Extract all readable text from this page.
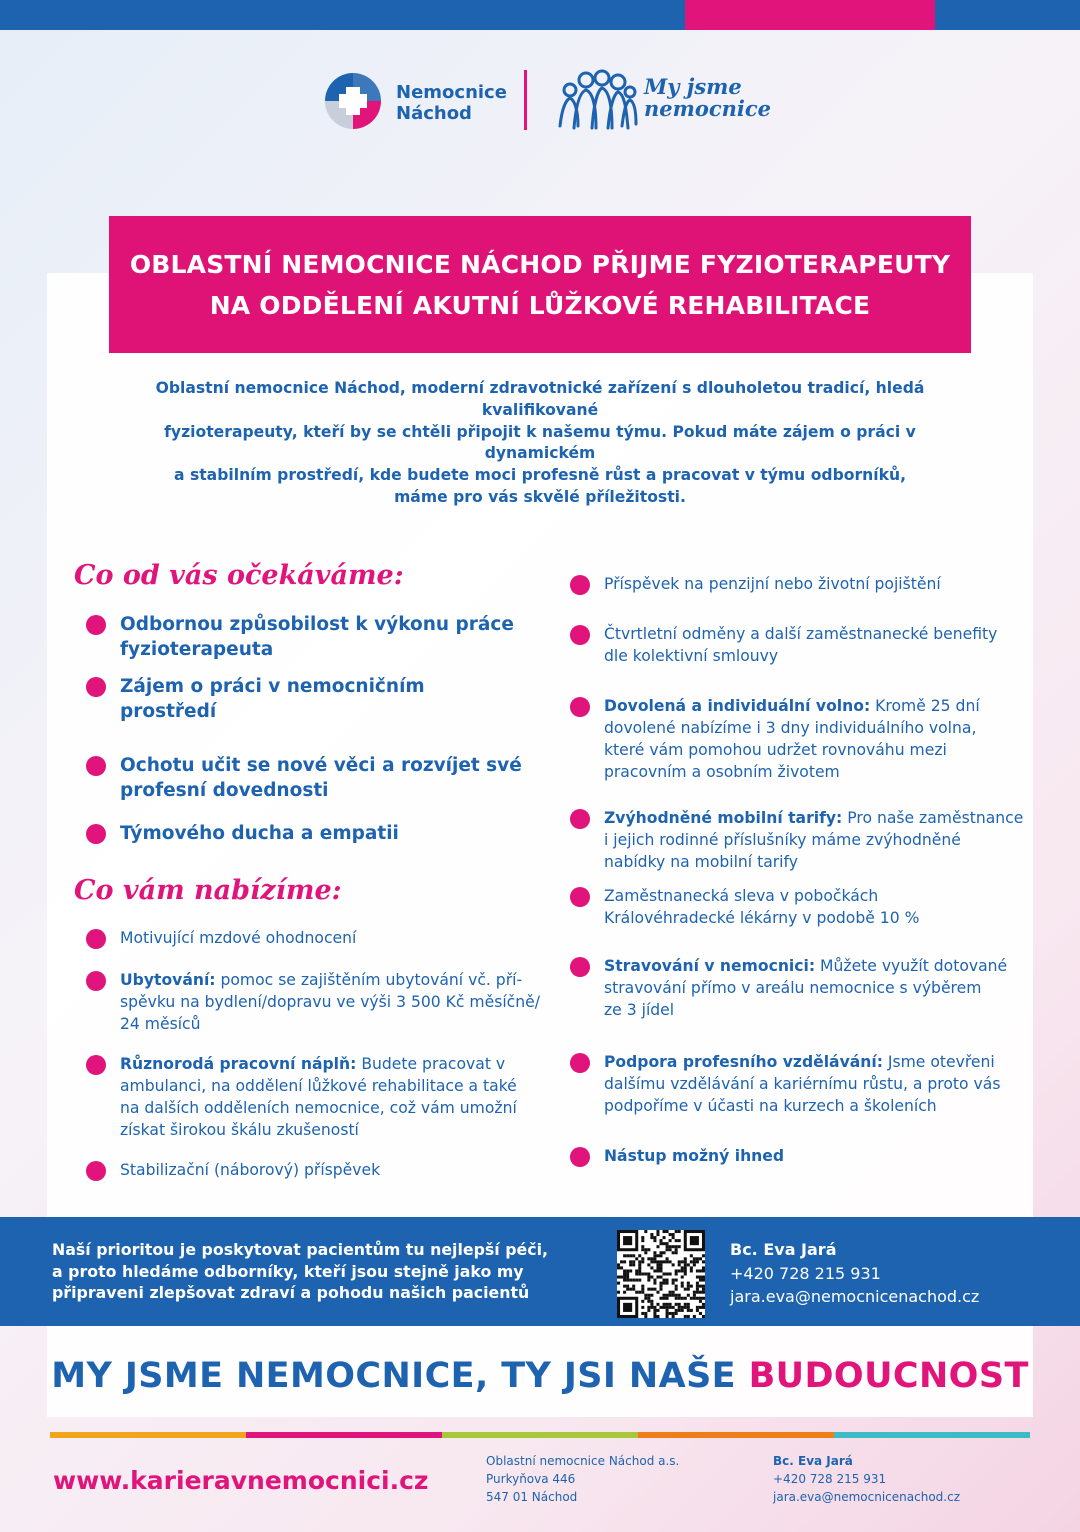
Nemocnice
Náchod
My jsme
nemocnice
OBLASTNÍ NEMOCNICE NÁCHOD PŘIJME FYZIOTERAPEUTY
NA ODDĚLENÍ AKUTNÍ LŮŽKOVÉ REHABILITACE
Oblastní nemocnice Náchod, moderní zdravotnické zařízení s dlouholetou tradicí, hledá kvalifikované
fyzioterapeuty, kteří by se chtěli připojit k našemu týmu. Pokud máte zájem o práci v dynamickém
a stabilním prostředí, kde budete moci profesně růst a pracovat v týmu odborníků,
máme pro vás skvělé příležitosti.
Co od vás očekáváme:
Odbornou způsobilost k výkonu práce
fyzioterapeuta
Zájem o práci v nemocničním prostředí
Ochotu učit se nové věci a rozvíjet své
profesní dovednosti
Týmového ducha a empatii
Co vám nabízíme:
Motivující mzdové ohodnocení
Ubytování: pomoc se zajištěním ubytování vč. pří-
spěvku na bydlení/dopravu ve výši 3 500 Kč měsíčně/
24 měsíců
Různorodá pracovní náplň: Budete pracovat v
ambulanci, na oddělení lůžkové rehabilitace a také
na dalších odděleních nemocnice, což vám umožní
získat širokou škálu zkušeností
Stabilizační (náborový) příspěvek
Příspěvek na penzijní nebo životní pojištění
Čtvrtletní odměny a další zaměstnanecké benefity
dle kolektivní smlouvy
Dovolená a individuální volno: Kromě 25 dní
dovolené nabízíme i 3 dny individuálního volna,
které vám pomohou udržet rovnováhu mezi
pracovním a osobním životem
Zvýhodněné mobilní tarify: Pro naše zaměstnance
i jejich rodinné příslušníky máme zvýhodněné
nabídky na mobilní tarify
Zaměstnanecká sleva v pobočkách
Královéhradecké lékárny v podobě 10 %
Stravování v nemocnici: Můžete využít dotované
stravování přímo v areálu nemocnice s výběrem
ze 3 jídel
Podpora profesního vzdělávání: Jsme otevřeni
dalšímu vzdělávání a kariérnímu růstu, a proto vás
podpoříme v účasti na kurzech a školeních
Nástup možný ihned
Naší prioritou je poskytovat pacientům tu nejlepší péči,
a proto hledáme odborníky, kteří jsou stejně jako my
připraveni zlepšovat zdraví a pohodu našich pacientů
Bc. Eva Jará
+420 728 215 931
jara.eva@nemocnicenachod.cz
MY JSME NEMOCNICE, TY JSI NAŠE BUDOUCNOST
www.karieravnemocnici.cz
Oblastní nemocnice Náchod a.s.
Purkyňova 446
547 01 Náchod
Bc. Eva Jará
+420 728 215 931
jara.eva@nemocnicenachod.cz
